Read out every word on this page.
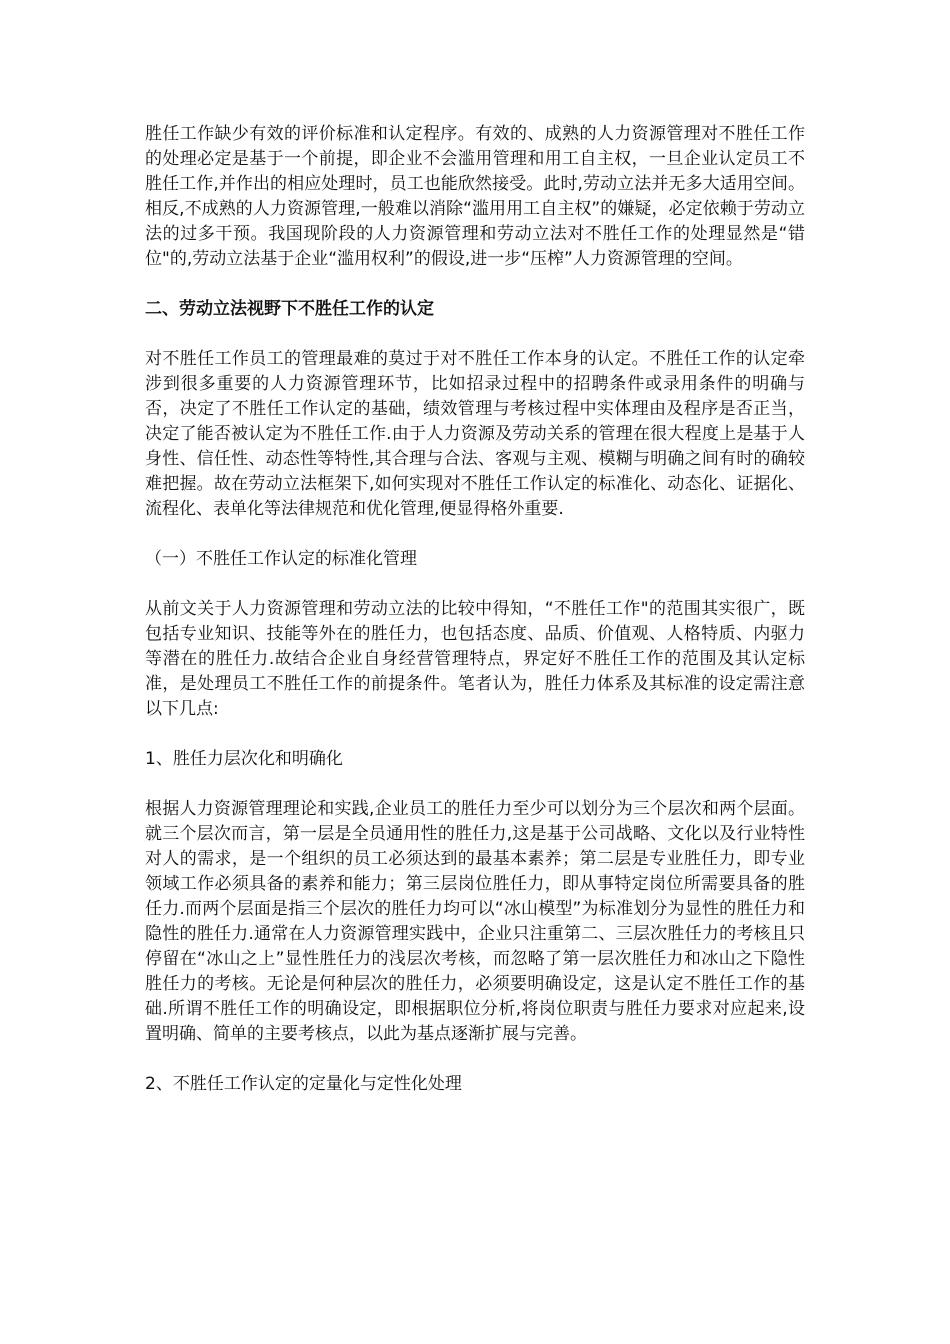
胜任工作缺少有效的评价标准和认定程序。有效的、成熟的人力资源管理对不胜任工作的处理必定是基于一个前提，即企业不会滥用管理和用工自主权，一旦企业认定员工不胜任工作,并作出的相应处理时，员工也能欣然接受。此时,劳动立法并无多大适用空间。相反,不成熟的人力资源管理,一般难以消除“滥用用工自主权”的嫌疑，必定依赖于劳动立法的过多干预。我国现阶段的人力资源管理和劳动立法对不胜任工作的处理显然是“错位"的,劳动立法基于企业“滥用权利”的假设,进一步“压榨”人力资源管理的空间。

二、劳动立法视野下不胜任工作的认定

对不胜任工作员工的管理最难的莫过于对不胜任工作本身的认定。不胜任工作的认定牵涉到很多重要的人力资源管理环节，比如招录过程中的招聘条件或录用条件的明确与否，决定了不胜任工作认定的基础，绩效管理与考核过程中实体理由及程序是否正当，决定了能否被认定为不胜任工作.由于人力资源及劳动关系的管理在很大程度上是基于人身性、信任性、动态性等特性,其合理与合法、客观与主观、模糊与明确之间有时的确较难把握。故在劳动立法框架下,如何实现对不胜任工作认定的标准化、动态化、证据化、流程化、表单化等法律规范和优化管理,便显得格外重要.

（一）不胜任工作认定的标准化管理

从前文关于人力资源管理和劳动立法的比较中得知，“不胜任工作"的范围其实很广，既包括专业知识、技能等外在的胜任力，也包括态度、品质、价值观、人格特质、内驱力等潜在的胜任力.故结合企业自身经营管理特点，界定好不胜任工作的范围及其认定标准，是处理员工不胜任工作的前提条件。笔者认为，胜任力体系及其标准的设定需注意以下几点:

1、胜任力层次化和明确化

根据人力资源管理理论和实践,企业员工的胜任力至少可以划分为三个层次和两个层面。就三个层次而言，第一层是全员通用性的胜任力,这是基于公司战略、文化以及行业特性对人的需求，是一个组织的员工必须达到的最基本素养；第二层是专业胜任力，即专业领域工作必须具备的素养和能力；第三层岗位胜任力，即从事特定岗位所需要具备的胜任力.而两个层面是指三个层次的胜任力均可以“冰山模型”为标准划分为显性的胜任力和隐性的胜任力.通常在人力资源管理实践中，企业只注重第二、三层次胜任力的考核且只停留在“冰山之上”显性胜任力的浅层次考核，而忽略了第一层次胜任力和冰山之下隐性胜任力的考核。无论是何种层次的胜任力，必须要明确设定，这是认定不胜任工作的基础.所谓不胜任工作的明确设定，即根据职位分析,将岗位职责与胜任力要求对应起来,设置明确、简单的主要考核点，以此为基点逐渐扩展与完善。

2、不胜任工作认定的定量化与定性化处理
